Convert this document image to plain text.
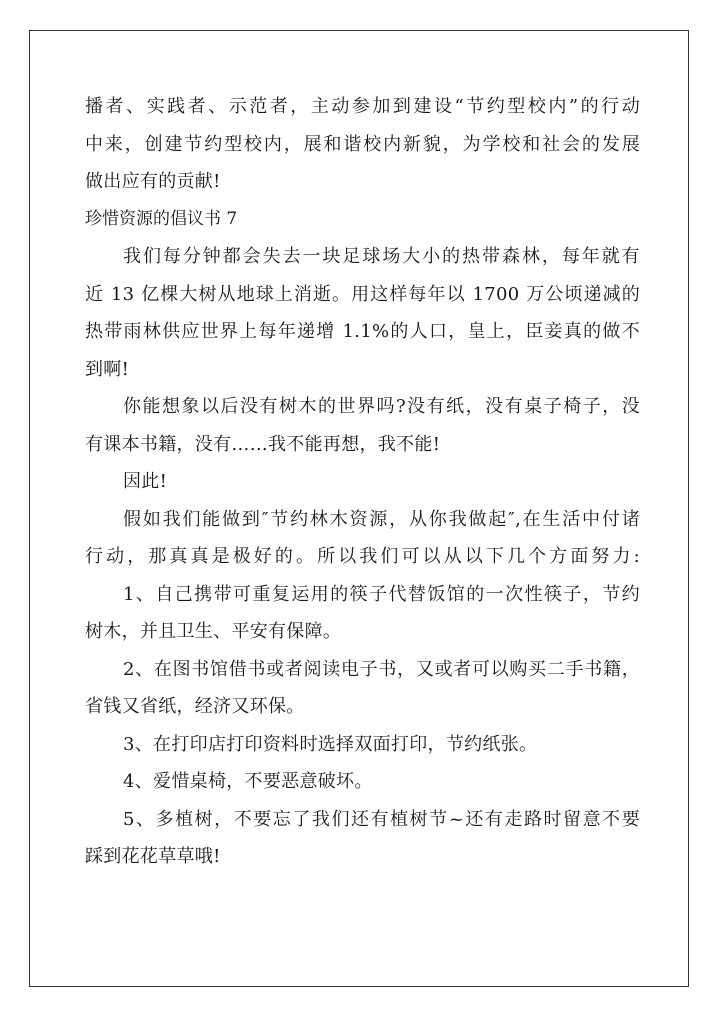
播者、实践者、示范者，主动参加到建设“节约型校内”的行动
中来，创建节约型校内，展和谐校内新貌，为学校和社会的发展
做出应有的贡献!
珍惜资源的倡议书 7
我们每分钟都会失去一块足球场大小的热带森林，每年就有
近 13 亿棵大树从地球上消逝。用这样每年以 1700 万公顷递减的
热带雨林供应世界上每年递增 1.1%的人口，皇上，臣妾真的做不
到啊!
你能想象以后没有树木的世界吗?没有纸，没有桌子椅子，没
有课本书籍，没有……我不能再想，我不能!
因此!
假如我们能做到″节约林木资源，从你我做起″,在生活中付诸
行动，那真真是极好的。所以我们可以从以下几个方面努力:
1、自己携带可重复运用的筷子代替饭馆的一次性筷子，节约
树木，并且卫生、平安有保障。
2、在图书馆借书或者阅读电子书，又或者可以购买二手书籍，
省钱又省纸，经济又环保。
3、在打印店打印资料时选择双面打印，节约纸张。
4、爱惜桌椅，不要恶意破坏。
5、多植树，不要忘了我们还有植树节~还有走路时留意不要
踩到花花草草哦!
